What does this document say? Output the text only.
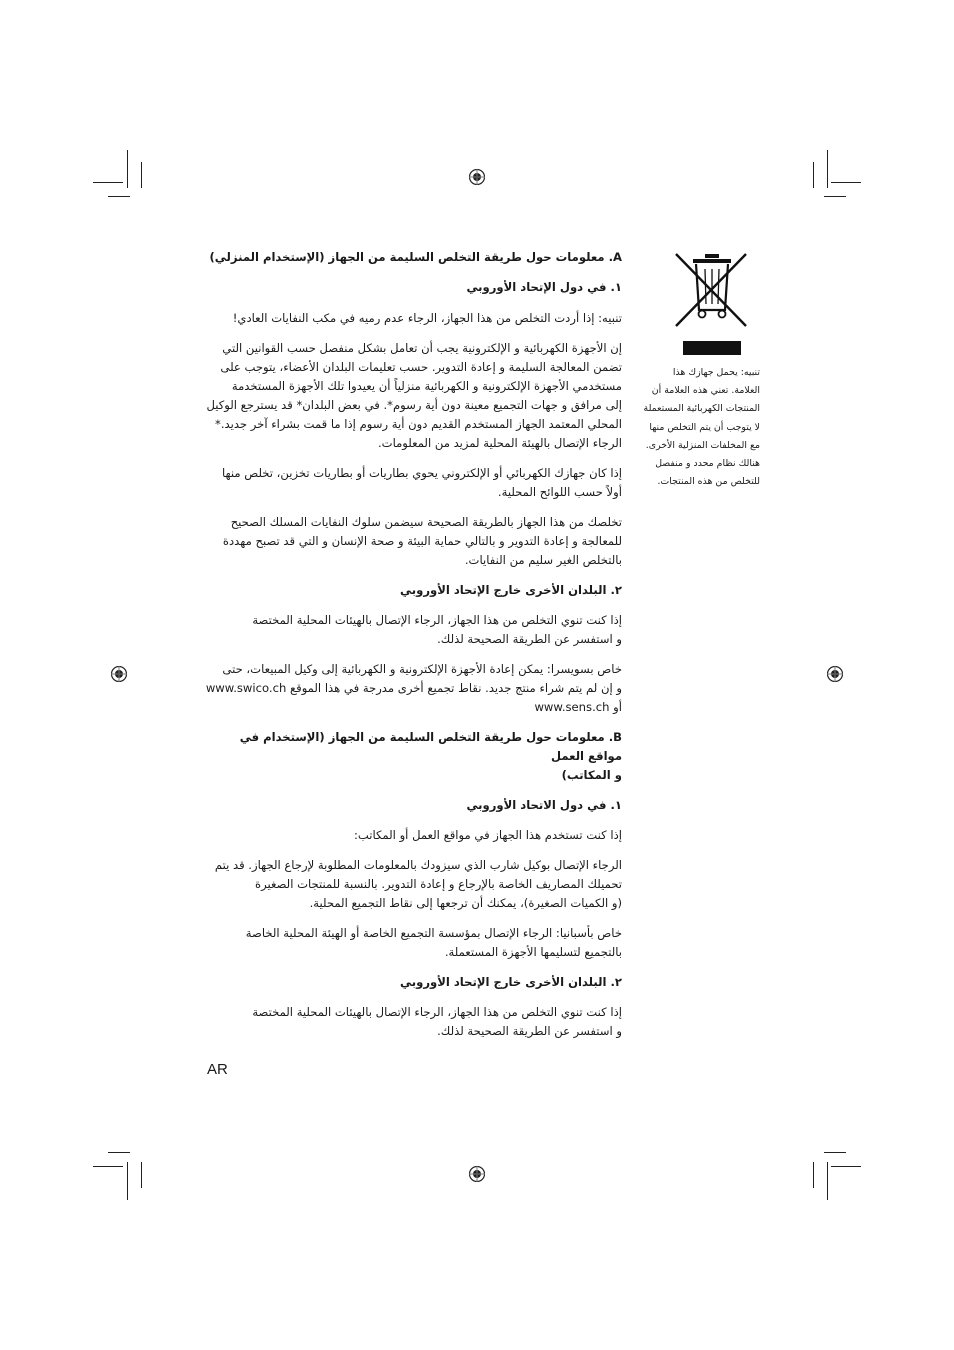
تنبيه: يحمل جهازك هذا
العلامة. تعني هذه العلامة أن
المنتجات الكهربائية المستعملة
لا يتوجب أن يتم التخلص منها
مع المخلفات المنزلية الأخرى.
هنالك نظام محدد و منفصل
للتخلص من هذه المنتجات.

A. معلومات حول طريقة التخلص السليمة من الجهاز (الإستخدام المنزلي)

١. في دول الإتحاد الأوروبي

تنبيه: إذا أردت التخلص من هذا الجهاز، الرجاء عدم رميه في مكب النفايات العادي!

إن الأجهزة الكهربائية و الإلكترونية يجب أن تعامل بشكل منفصل حسب القوانين التي
تضمن المعالجة السليمة و إعادة التدوير. حسب تعليمات البلدان الأعضاء، يتوجب على
مستخدمي الأجهزة الإلكترونية و الكهربائية منزلياً أن يعيدوا تلك الأجهزة المستخدمة
إلى مرافق و جهات التجميع معينة دون أية رسوم*. في بعض البلدان* قد يسترجع الوكيل
المحلي المعتمد الجهاز المستخدم القديم دون أية رسوم إذا ما قمت بشراء آخر جديد.*
الرجاء الإتصال بالهيئة المحلية لمزيد من المعلومات.
إذا كان جهازك الكهربائي أو الإلكتروني يحوي بطاريات أو بطاريات تخزين، تخلص منها
أولاً حسب اللوائح المحلية.
تخلصك من هذا الجهاز بالطريقة الصحيحة سيضمن سلوك النفايات المسلك الصحيح
للمعالجة و إعادة التدوير و بالتالي حماية البيئة و صحة الإنسان و التي قد تصبح مهددة
بالتخلص الغير سليم من النفايات.

٢. البلدان الأخرى خارج الإتحاد الأوروبي

إذا كنت تنوي التخلص من هذا الجهاز، الرجاء الإتصال بالهيئات المحلية المختصة
و استفسر عن الطريقة الصحيحة لذلك.
خاص بسويسرا: يمكن إعادة الأجهزة الإلكترونية و الكهربائية إلى وكيل المبيعات، حتى
و إن لم يتم شراء منتج جديد. نقاط تجميع أخرى مدرجة في هذا الموقع www.swico.ch
أو www.sens.ch
B. معلومات حول طريقة التخلص السليمة من الجهاز (الإستخدام في مواقع العمل
و المكاتب)

١. في دول الاتحاد الأوروبي

إذا كنت تستخدم هذا الجهاز في مواقع العمل أو المكاتب:

الرجاء الإتصال بوكيل شارب الذي سيزودك بالمعلومات المطلوبة لإرجاع الجهاز. قد يتم
تحميلك المصاريف الخاصة بالإرجاع و إعادة التدوير. بالنسبة للمنتجات الصغيرة
(و الكميات الصغيرة)، يمكنك أن ترجعها إلى نقاط التجميع المحلية.
خاص بأسبانيا: الرجاء الإتصال بمؤسسة التجميع الخاصة أو الهيئة المحلية الخاصة
بالتجميع لتسليمها الأجهزة المستعملة.

٢. البلدان الأخرى خارج الإتحاد الأوروبي

إذا كنت تنوي التخلص من هذا الجهاز، الرجاء الإتصال بالهيئات المحلية المختصة
و استفسر عن الطريقة الصحيحة لذلك.
AR
